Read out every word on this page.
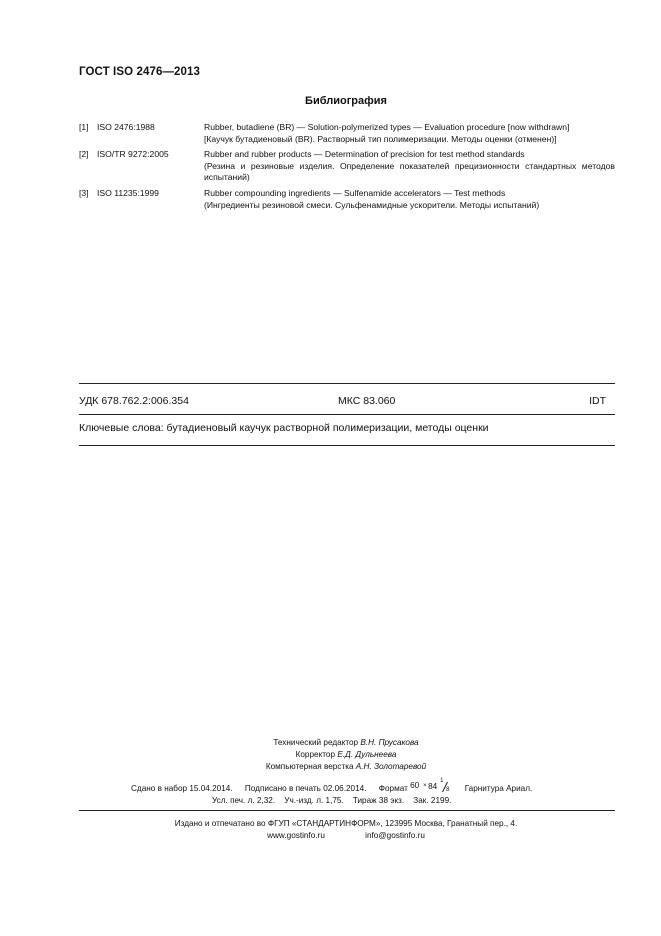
ГОСТ ISO 2476—2013
Библиография
[1] ISO 2476:1988	Rubber, butadiene (BR) — Solution-polymerized types — Evaluation procedure [now withdrawn]
[Каучук бутадиеновый (BR). Растворный тип полимеризации. Методы оценки (отменен)]
[2] ISO/TR 9272:2005	Rubber and rubber products — Determination of precision for test method standards
(Резина и резиновые изделия. Определение показателей прецизионности стандартных методов испытаний)
[3] ISO 11235:1999	Rubber compounding ingredients — Sulfenamide accelerators — Test methods
(Ингредиенты резиновой смеси. Сульфенамидные ускорители. Методы испытаний)
УДК 678.762.2:006.354	МКС 83.060	IDT
Ключевые слова: бутадиеновый каучук растворной полимеризации, методы оценки
Технический редактор В.Н. Прусакова
Корректор Е.Д. Дульнеева
Компьютерная верстка А.Н. Золотаревой
Сдано в набор 15.04.2014. Подписано в печать 02.06.2014. Формат 60 × 84
1
8 Гарнитура Ариал.
Усл. печ. л. 2,32. Уч.-изд. л. 1,75. Тираж 38 экз. Зак. 2199.
Издано и отпечатано во ФГУП «СТАНДАРТИНФОРМ», 123995 Москва, Гранатный пер., 4.
www.gostinfo.ru	info@gostinfo.ru
